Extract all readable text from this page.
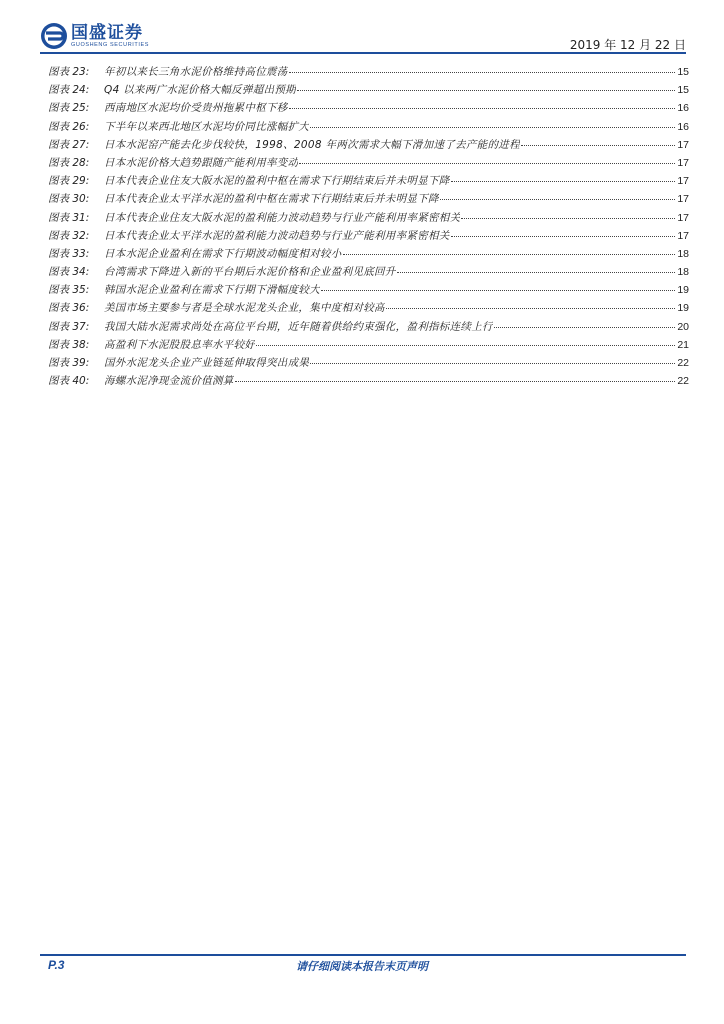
国盛证券
GUOSHENG SECURITIES	2019 年 12 月 22 日
图表 23:	年初以来长三角水泥价格维持高位震荡	15
图表 24:	Q4 以来两广水泥价格大幅反弹超出预期	15
图表 25:	西南地区水泥均价受贵州拖累中枢下移	16
图表 26:	下半年以来西北地区水泥均价同比涨幅扩大	16
图表 27:	日本水泥窑产能去化步伐较快，1998、2008 年两次需求大幅下滑加速了去产能的进程	17
图表 28:	日本水泥价格大趋势跟随产能利用率变动	17
图表 29:	日本代表企业住友大阪水泥的盈利中枢在需求下行期结束后并未明显下降	17
图表 30:	日本代表企业太平洋水泥的盈利中枢在需求下行期结束后并未明显下降	17
图表 31:	日本代表企业住友大阪水泥的盈利能力波动趋势与行业产能利用率紧密相关	17
图表 32:	日本代表企业太平洋水泥的盈利能力波动趋势与行业产能利用率紧密相关	17
图表 33:	日本水泥企业盈利在需求下行期波动幅度相对较小	18
图表 34:	台湾需求下降进入新的平台期后水泥价格和企业盈利见底回升	18
图表 35:	韩国水泥企业盈利在需求下行期下滑幅度较大	19
图表 36:	美国市场主要参与者是全球水泥龙头企业，集中度相对较高	19
图表 37:	我国大陆水泥需求尚处在高位平台期，近年随着供给约束强化，盈利指标连续上行	20
图表 38:	高盈利下水泥股股息率水平较好	21
图表 39:	国外水泥龙头企业产业链延伸取得突出成果	22
图表 40:	海螺水泥净现金流价值测算	22
P.3	请仔细阅读本报告末页声明
